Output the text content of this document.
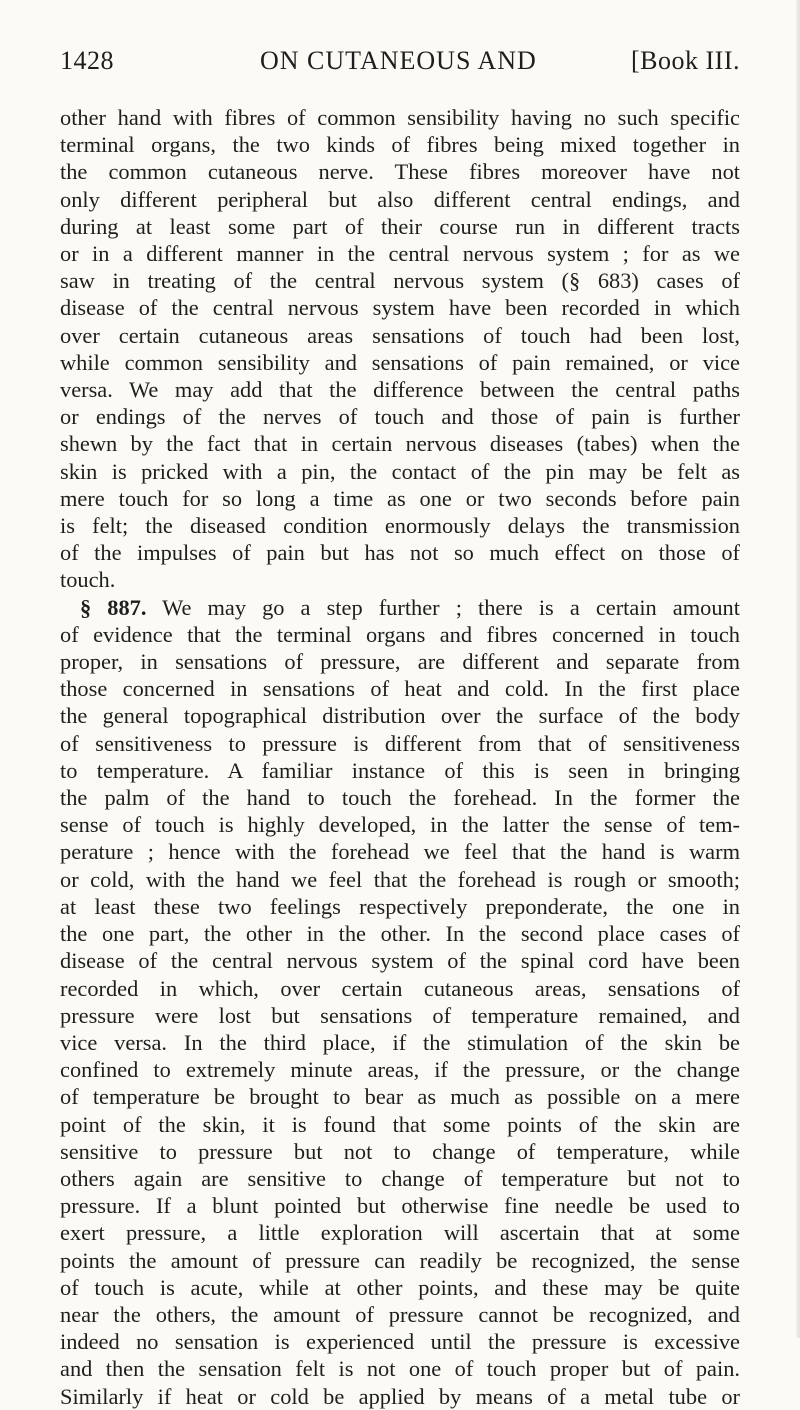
1428	ON CUTANEOUS AND	[Book III.
other hand with fibres of common sensibility having no such specific
terminal organs, the two kinds of fibres being mixed together in
the common cutaneous nerve. These fibres moreover have not
only different peripheral but also different central endings, and
during at least some part of their course run in different tracts
or in a different manner in the central nervous system ; for as we
saw in treating of the central nervous system (§ 683) cases of
disease of the central nervous system have been recorded in which
over certain cutaneous areas sensations of touch had been lost,
while common sensibility and sensations of pain remained, or vice
versa. We may add that the difference between the central paths
or endings of the nerves of touch and those of pain is further
shewn by the fact that in certain nervous diseases (tabes) when the
skin is pricked with a pin, the contact of the pin may be felt as
mere touch for so long a time as one or two seconds before pain
is felt; the diseased condition enormously delays the transmission
of the impulses of pain but has not so much effect on those of
touch.
§ 887. We may go a step further ; there is a certain amount
of evidence that the terminal organs and fibres concerned in touch
proper, in sensations of pressure, are different and separate from
those concerned in sensations of heat and cold. In the first place
the general topographical distribution over the surface of the body
of sensitiveness to pressure is different from that of sensitiveness
to temperature. A familiar instance of this is seen in bringing
the palm of the hand to touch the forehead. In the former the
sense of touch is highly developed, in the latter the sense of tem-
perature ; hence with the forehead we feel that the hand is warm
or cold, with the hand we feel that the forehead is rough or smooth;
at least these two feelings respectively preponderate, the one in
the one part, the other in the other. In the second place cases of
disease of the central nervous system of the spinal cord have been
recorded in which, over certain cutaneous areas, sensations of
pressure were lost but sensations of temperature remained, and
vice versa. In the third place, if the stimulation of the skin be
confined to extremely minute areas, if the pressure, or the change
of temperature be brought to bear as much as possible on a mere
point of the skin, it is found that some points of the skin are
sensitive to pressure but not to change of temperature, while
others again are sensitive to change of temperature but not to
pressure. If a blunt pointed but otherwise fine needle be used to
exert pressure, a little exploration will ascertain that at some
points the amount of pressure can readily be recognized, the sense
of touch is acute, while at other points, and these may be quite
near the others, the amount of pressure cannot be recognized, and
indeed no sensation is experienced until the pressure is excessive
and then the sensation felt is not one of touch proper but of pain.
Similarly if heat or cold be applied by means of a metal tube or
